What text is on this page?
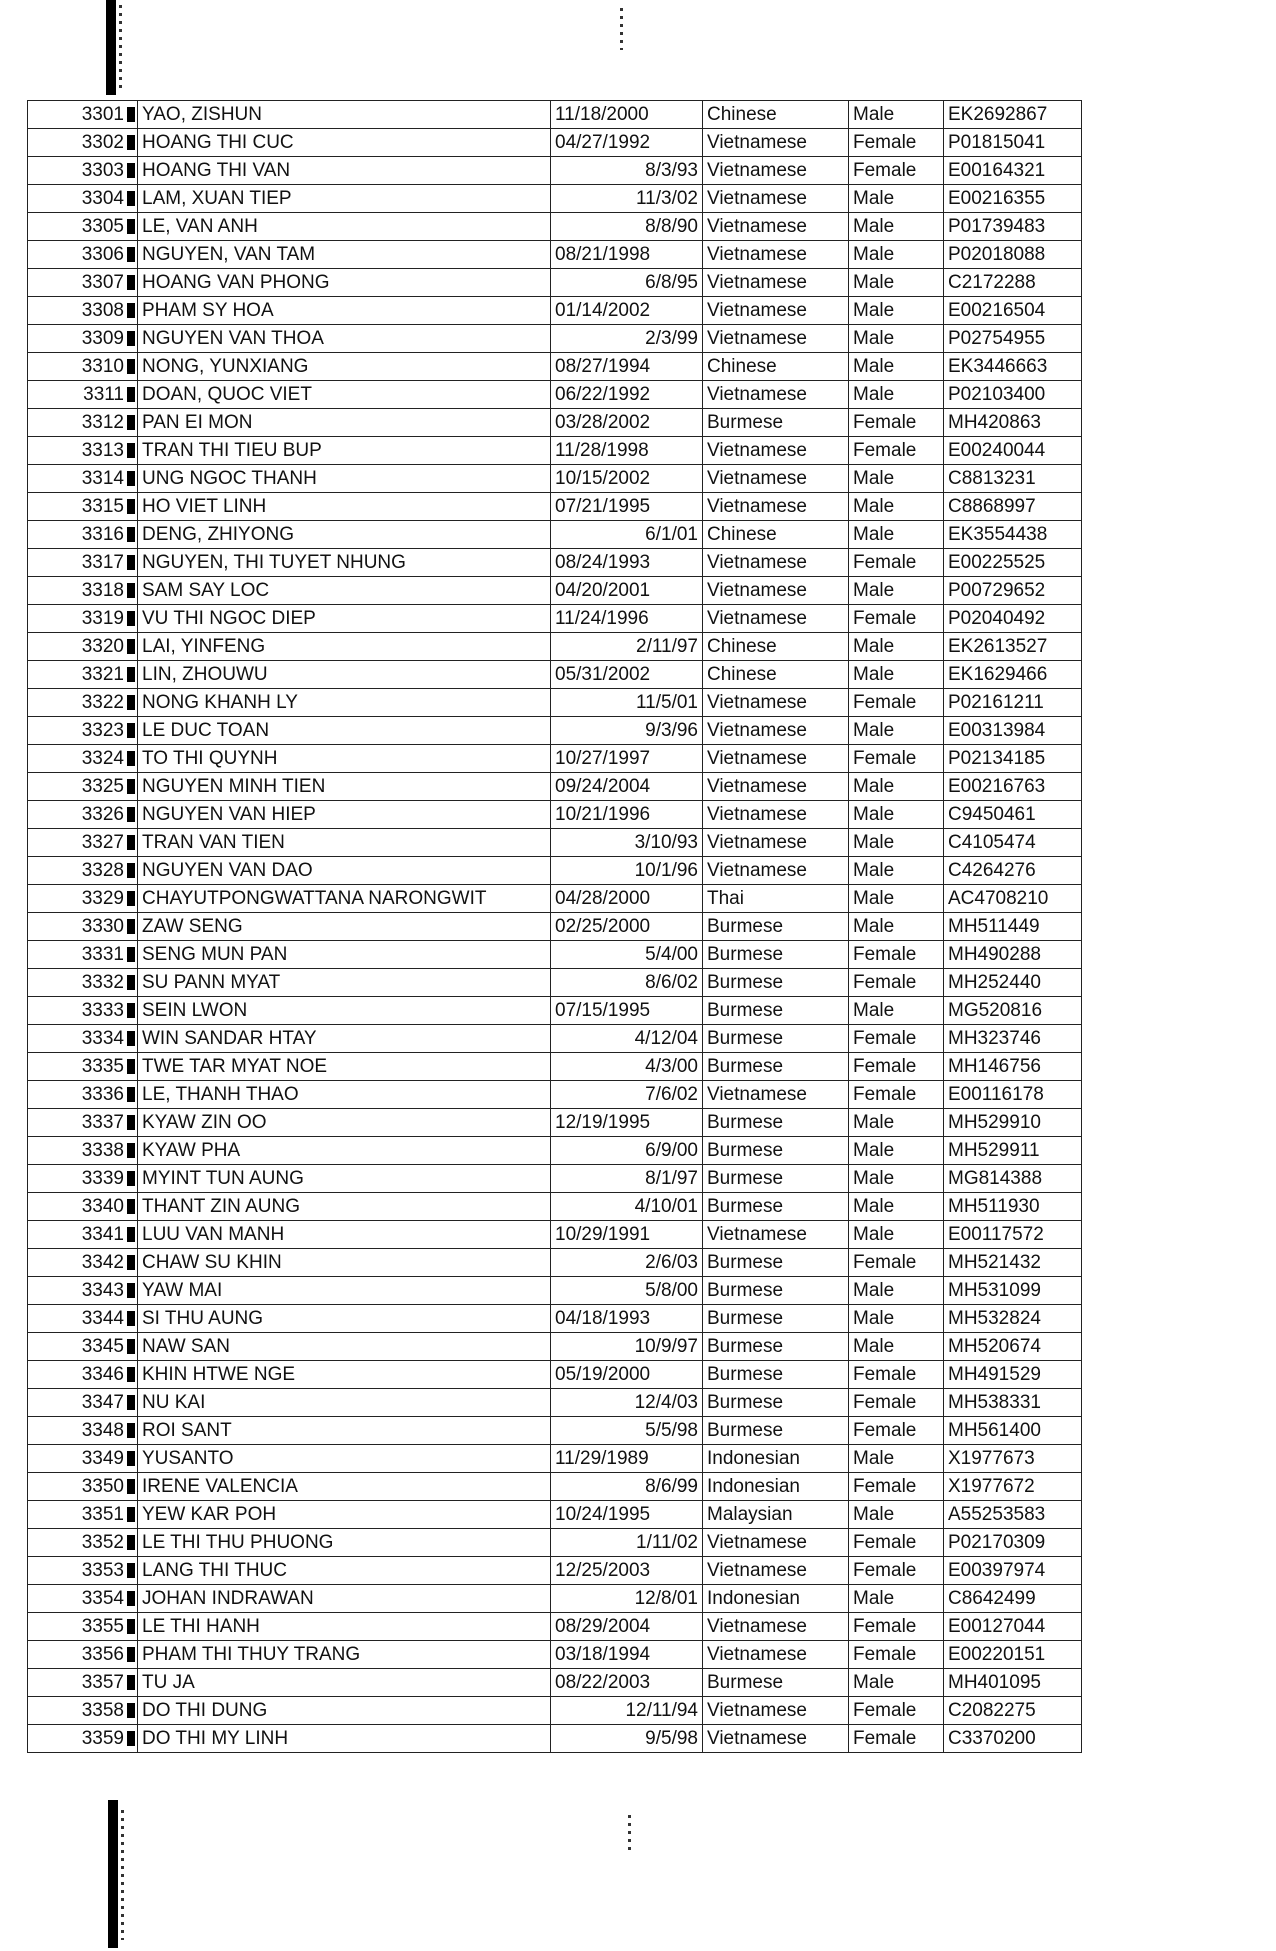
3301	YAO, ZISHUN	11/18/2000	Chinese	Male	EK2692867
3302	HOANG THI CUC	04/27/1992	Vietnamese	Female	P01815041
3303	HOANG THI VAN	8/3/93	Vietnamese	Female	E00164321
3304	LAM, XUAN TIEP	11/3/02	Vietnamese	Male	E00216355
3305	LE, VAN ANH	8/8/90	Vietnamese	Male	P01739483
3306	NGUYEN, VAN TAM	08/21/1998	Vietnamese	Male	P02018088
3307	HOANG VAN PHONG	6/8/95	Vietnamese	Male	C2172288
3308	PHAM SY HOA	01/14/2002	Vietnamese	Male	E00216504
3309	NGUYEN VAN THOA	2/3/99	Vietnamese	Male	P02754955
3310	NONG, YUNXIANG	08/27/1994	Chinese	Male	EK3446663
3311	DOAN, QUOC VIET	06/22/1992	Vietnamese	Male	P02103400
3312	PAN EI MON	03/28/2002	Burmese	Female	MH420863
3313	TRAN THI TIEU BUP	11/28/1998	Vietnamese	Female	E00240044
3314	UNG NGOC THANH	10/15/2002	Vietnamese	Male	C8813231
3315	HO VIET LINH	07/21/1995	Vietnamese	Male	C8868997
3316	DENG, ZHIYONG	6/1/01	Chinese	Male	EK3554438
3317	NGUYEN, THI TUYET NHUNG	08/24/1993	Vietnamese	Female	E00225525
3318	SAM SAY LOC	04/20/2001	Vietnamese	Male	P00729652
3319	VU THI NGOC DIEP	11/24/1996	Vietnamese	Female	P02040492
3320	LAI, YINFENG	2/11/97	Chinese	Male	EK2613527
3321	LIN, ZHOUWU	05/31/2002	Chinese	Male	EK1629466
3322	NONG KHANH LY	11/5/01	Vietnamese	Female	P02161211
3323	LE DUC TOAN	9/3/96	Vietnamese	Male	E00313984
3324	TO THI QUYNH	10/27/1997	Vietnamese	Female	P02134185
3325	NGUYEN MINH TIEN	09/24/2004	Vietnamese	Male	E00216763
3326	NGUYEN VAN HIEP	10/21/1996	Vietnamese	Male	C9450461
3327	TRAN VAN TIEN	3/10/93	Vietnamese	Male	C4105474
3328	NGUYEN VAN DAO	10/1/96	Vietnamese	Male	C4264276
3329	CHAYUTPONGWATTANA NARONGWIT	04/28/2000	Thai	Male	AC4708210
3330	ZAW SENG	02/25/2000	Burmese	Male	MH511449
3331	SENG MUN PAN	5/4/00	Burmese	Female	MH490288
3332	SU PANN MYAT	8/6/02	Burmese	Female	MH252440
3333	SEIN LWON	07/15/1995	Burmese	Male	MG520816
3334	WIN SANDAR HTAY	4/12/04	Burmese	Female	MH323746
3335	TWE TAR MYAT NOE	4/3/00	Burmese	Female	MH146756
3336	LE, THANH THAO	7/6/02	Vietnamese	Female	E00116178
3337	KYAW ZIN OO	12/19/1995	Burmese	Male	MH529910
3338	KYAW PHA	6/9/00	Burmese	Male	MH529911
3339	MYINT TUN AUNG	8/1/97	Burmese	Male	MG814388
3340	THANT ZIN AUNG	4/10/01	Burmese	Male	MH511930
3341	LUU VAN MANH	10/29/1991	Vietnamese	Male	E00117572
3342	CHAW SU KHIN	2/6/03	Burmese	Female	MH521432
3343	YAW MAI	5/8/00	Burmese	Male	MH531099
3344	SI THU AUNG	04/18/1993	Burmese	Male	MH532824
3345	NAW SAN	10/9/97	Burmese	Male	MH520674
3346	KHIN HTWE NGE	05/19/2000	Burmese	Female	MH491529
3347	NU KAI	12/4/03	Burmese	Female	MH538331
3348	ROI SANT	5/5/98	Burmese	Female	MH561400
3349	YUSANTO	11/29/1989	Indonesian	Male	X1977673
3350	IRENE VALENCIA	8/6/99	Indonesian	Female	X1977672
3351	YEW KAR POH	10/24/1995	Malaysian	Male	A55253583
3352	LE THI THU PHUONG	1/11/02	Vietnamese	Female	P02170309
3353	LANG THI THUC	12/25/2003	Vietnamese	Female	E00397974
3354	JOHAN INDRAWAN	12/8/01	Indonesian	Male	C8642499
3355	LE THI HANH	08/29/2004	Vietnamese	Female	E00127044
3356	PHAM THI THUY TRANG	03/18/1994	Vietnamese	Female	E00220151
3357	TU JA	08/22/2003	Burmese	Male	MH401095
3358	DO THI DUNG	12/11/94	Vietnamese	Female	C2082275
3359	DO THI MY LINH	9/5/98	Vietnamese	Female	C3370200
